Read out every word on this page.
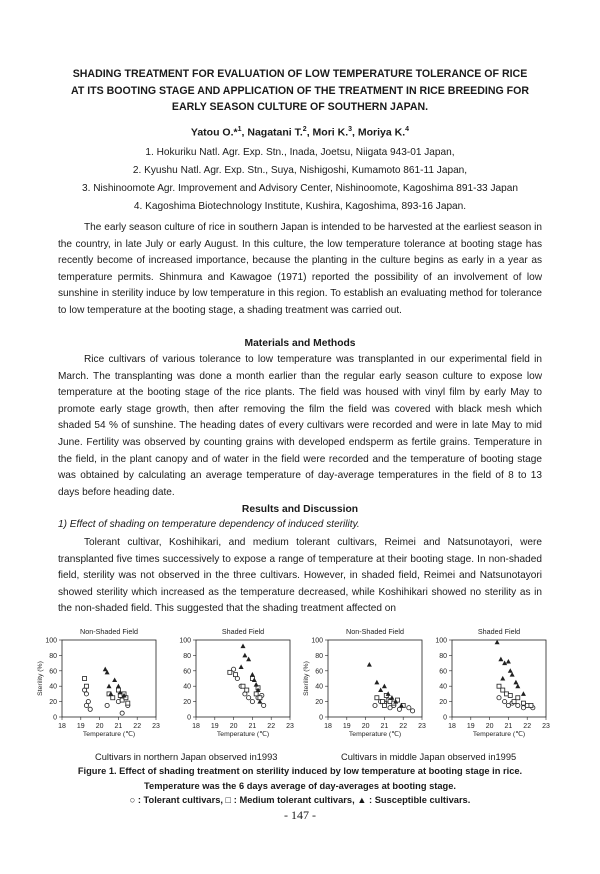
SHADING TREATMENT FOR EVALUATION OF LOW TEMPERATURE TOLERANCE OF RICE
AT ITS BOOTING STAGE AND APPLICATION OF THE TREATMENT IN RICE BREEDING FOR
EARLY SEASON CULTURE OF SOUTHERN JAPAN.
Yatou O.*$^1$, Nagatani T.$^2$, Mori K.$^3$, Moriya K.$^4$
1. Hokuriku Natl. Agr. Exp. Stn., Inada, Joetsu, Niigata 943-01 Japan,
2. Kyushu Natl. Agr. Exp. Stn., Suya, Nishigoshi, Kumamoto 861-11 Japan,
3. Nishinoomote Agr. Improvement and Advisory Center, Nishinoomote, Kagoshima 891-33 Japan
4. Kagoshima Biotechnology Institute, Kushira, Kagoshima, 893-16 Japan.
The early season culture of rice in southern Japan is intended to be harvested at the earliest season in the country, in late July or early August. In this culture, the low temperature tolerance at booting stage has recently become of increased importance, because the planting in the culture begins as early in a year as temperature permits. Shinmura and Kawagoe (1971) reported the possibility of an involvement of low sunshine in sterility induce by low temperature in this region. To establish an evaluating method for tolerance to low temperature at the booting stage, a shading treatment was carried out.
Materials and Methods
Rice cultivars of various tolerance to low temperature was transplanted in our experimental field in March. The transplanting was done a month earlier than the regular early season culture to expose low temperature at the booting stage of the rice plants. The field was housed with vinyl film by early May to promote early stage growth, then after removing the film the field was covered with black mesh which shaded 54 % of sunshine. The heading dates of every cultivars were recorded and were in late May to mid June. Fertility was observed by counting grains with developed endsperm as fertile grains. Temperature in the field, in the plant canopy and of water in the field were recorded and the temperature of booting stage was obtained by calculating an average temperature of day-average temperatures in the field of 8 to 13 days before heading date.
Results and Discussion
1) Effect of shading on temperature dependency of induced sterility.
Tolerant cultivar, Koshihikari, and medium tolerant cultivars, Reimei and Natsunotayori, were transplanted five times successively to expose a range of temperature at their booting stage. In non-shaded field, sterility was not observed in the three cultivars. However, in shaded field, Reimei and Natsunotayori showed sterility which increased as the temperature decreased, while Koshihikari showed no sterility as in the non-shaded field. This suggested that the shading treatment affected on
Non-Shaded Field
18 19 20 21 22 23
0
20
40
60
80
100
Temperature (℃)
Sterility (%)
Shaded Field
18 19 20 21 22 23
0
20
40
60
80
100
Temperature (℃)
Non-Shaded Field
18 19 20 21 22 23
0
20
40
60
80
100
Temperature (℃)
Sterility (%)
Shaded Field
18 19 20 21 22 23
0
20
40
60
80
100
Temperature (℃)
Cultivars in northern Japan observed in1993	Cultivars in middle Japan observed in1995
Figure 1. Effect of shading treatment on sterility induced by low temperature at booting stage in rice.
Temperature was the 6 days average of day-averages at booting stage.
○ : Tolerant cultivars, □ : Medium tolerant cultivars, ▲ : Susceptible cultivars.
- 147 -
